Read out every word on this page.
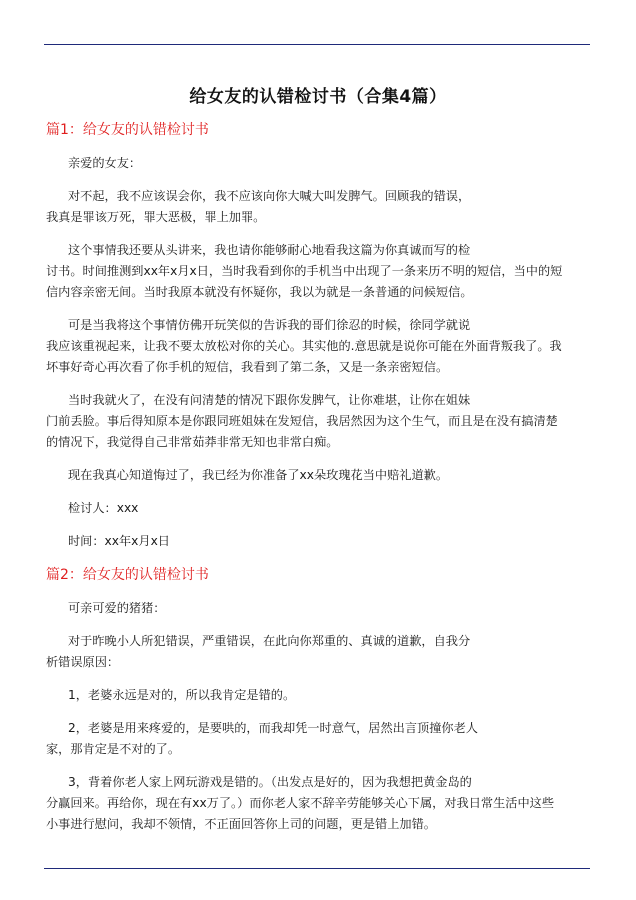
给女友的认错检讨书（合集4篇）
篇1：给女友的认错检讨书

亲爱的女友：

对不起，我不应该误会你，我不应该向你大喊大叫发脾气。回顾我的错误，
我真是罪该万死，罪大恶极，罪上加罪。

这个事情我还要从头讲来，我也请你能够耐心地看我这篇为你真诚而写的检
讨书。时间推测到xx年x月x日，当时我看到你的手机当中出现了一条来历不明的短信，当中的短
信内容亲密无间。当时我原本就没有怀疑你，我以为就是一条普通的问候短信。

可是当我将这个事情仿佛开玩笑似的告诉我的哥们徐忍的时候，徐同学就说
我应该重视起来，让我不要太放松对你的关心。其实他的.意思就是说你可能在外面背叛我了。我
坏事好奇心再次看了你手机的短信，我看到了第二条，又是一条亲密短信。

当时我就火了，在没有问清楚的情况下跟你发脾气，让你难堪，让你在姐妹
门前丢脸。事后得知原本是你跟同班姐妹在发短信，我居然因为这个生气，而且是在没有搞清楚
的情况下，我觉得自己非常茹莽非常无知也非常白痴。

现在我真心知道悔过了，我已经为你准备了xx朵玫瑰花当中赔礼道歉。

检讨人：xxx

时间：xx年x月x日

篇2：给女友的认错检讨书

可亲可爱的猪猪：

对于昨晚小人所犯错误，严重错误，在此向你郑重的、真诚的道歉，自我分
析错误原因：

1，老婆永远是对的，所以我肯定是错的。

2，老婆是用来疼爱的，是要哄的，而我却凭一时意气，居然出言顶撞你老人
家，那肯定是不对的了。

3，背着你老人家上网玩游戏是错的。（出发点是好的，因为我想把黄金岛的
分赢回来。再给你，现在有xx万了。）而你老人家不辞辛劳能够关心下属，对我日常生活中这些
小事进行慰问，我却不领情，不正面回答你上司的问题，更是错上加错。
